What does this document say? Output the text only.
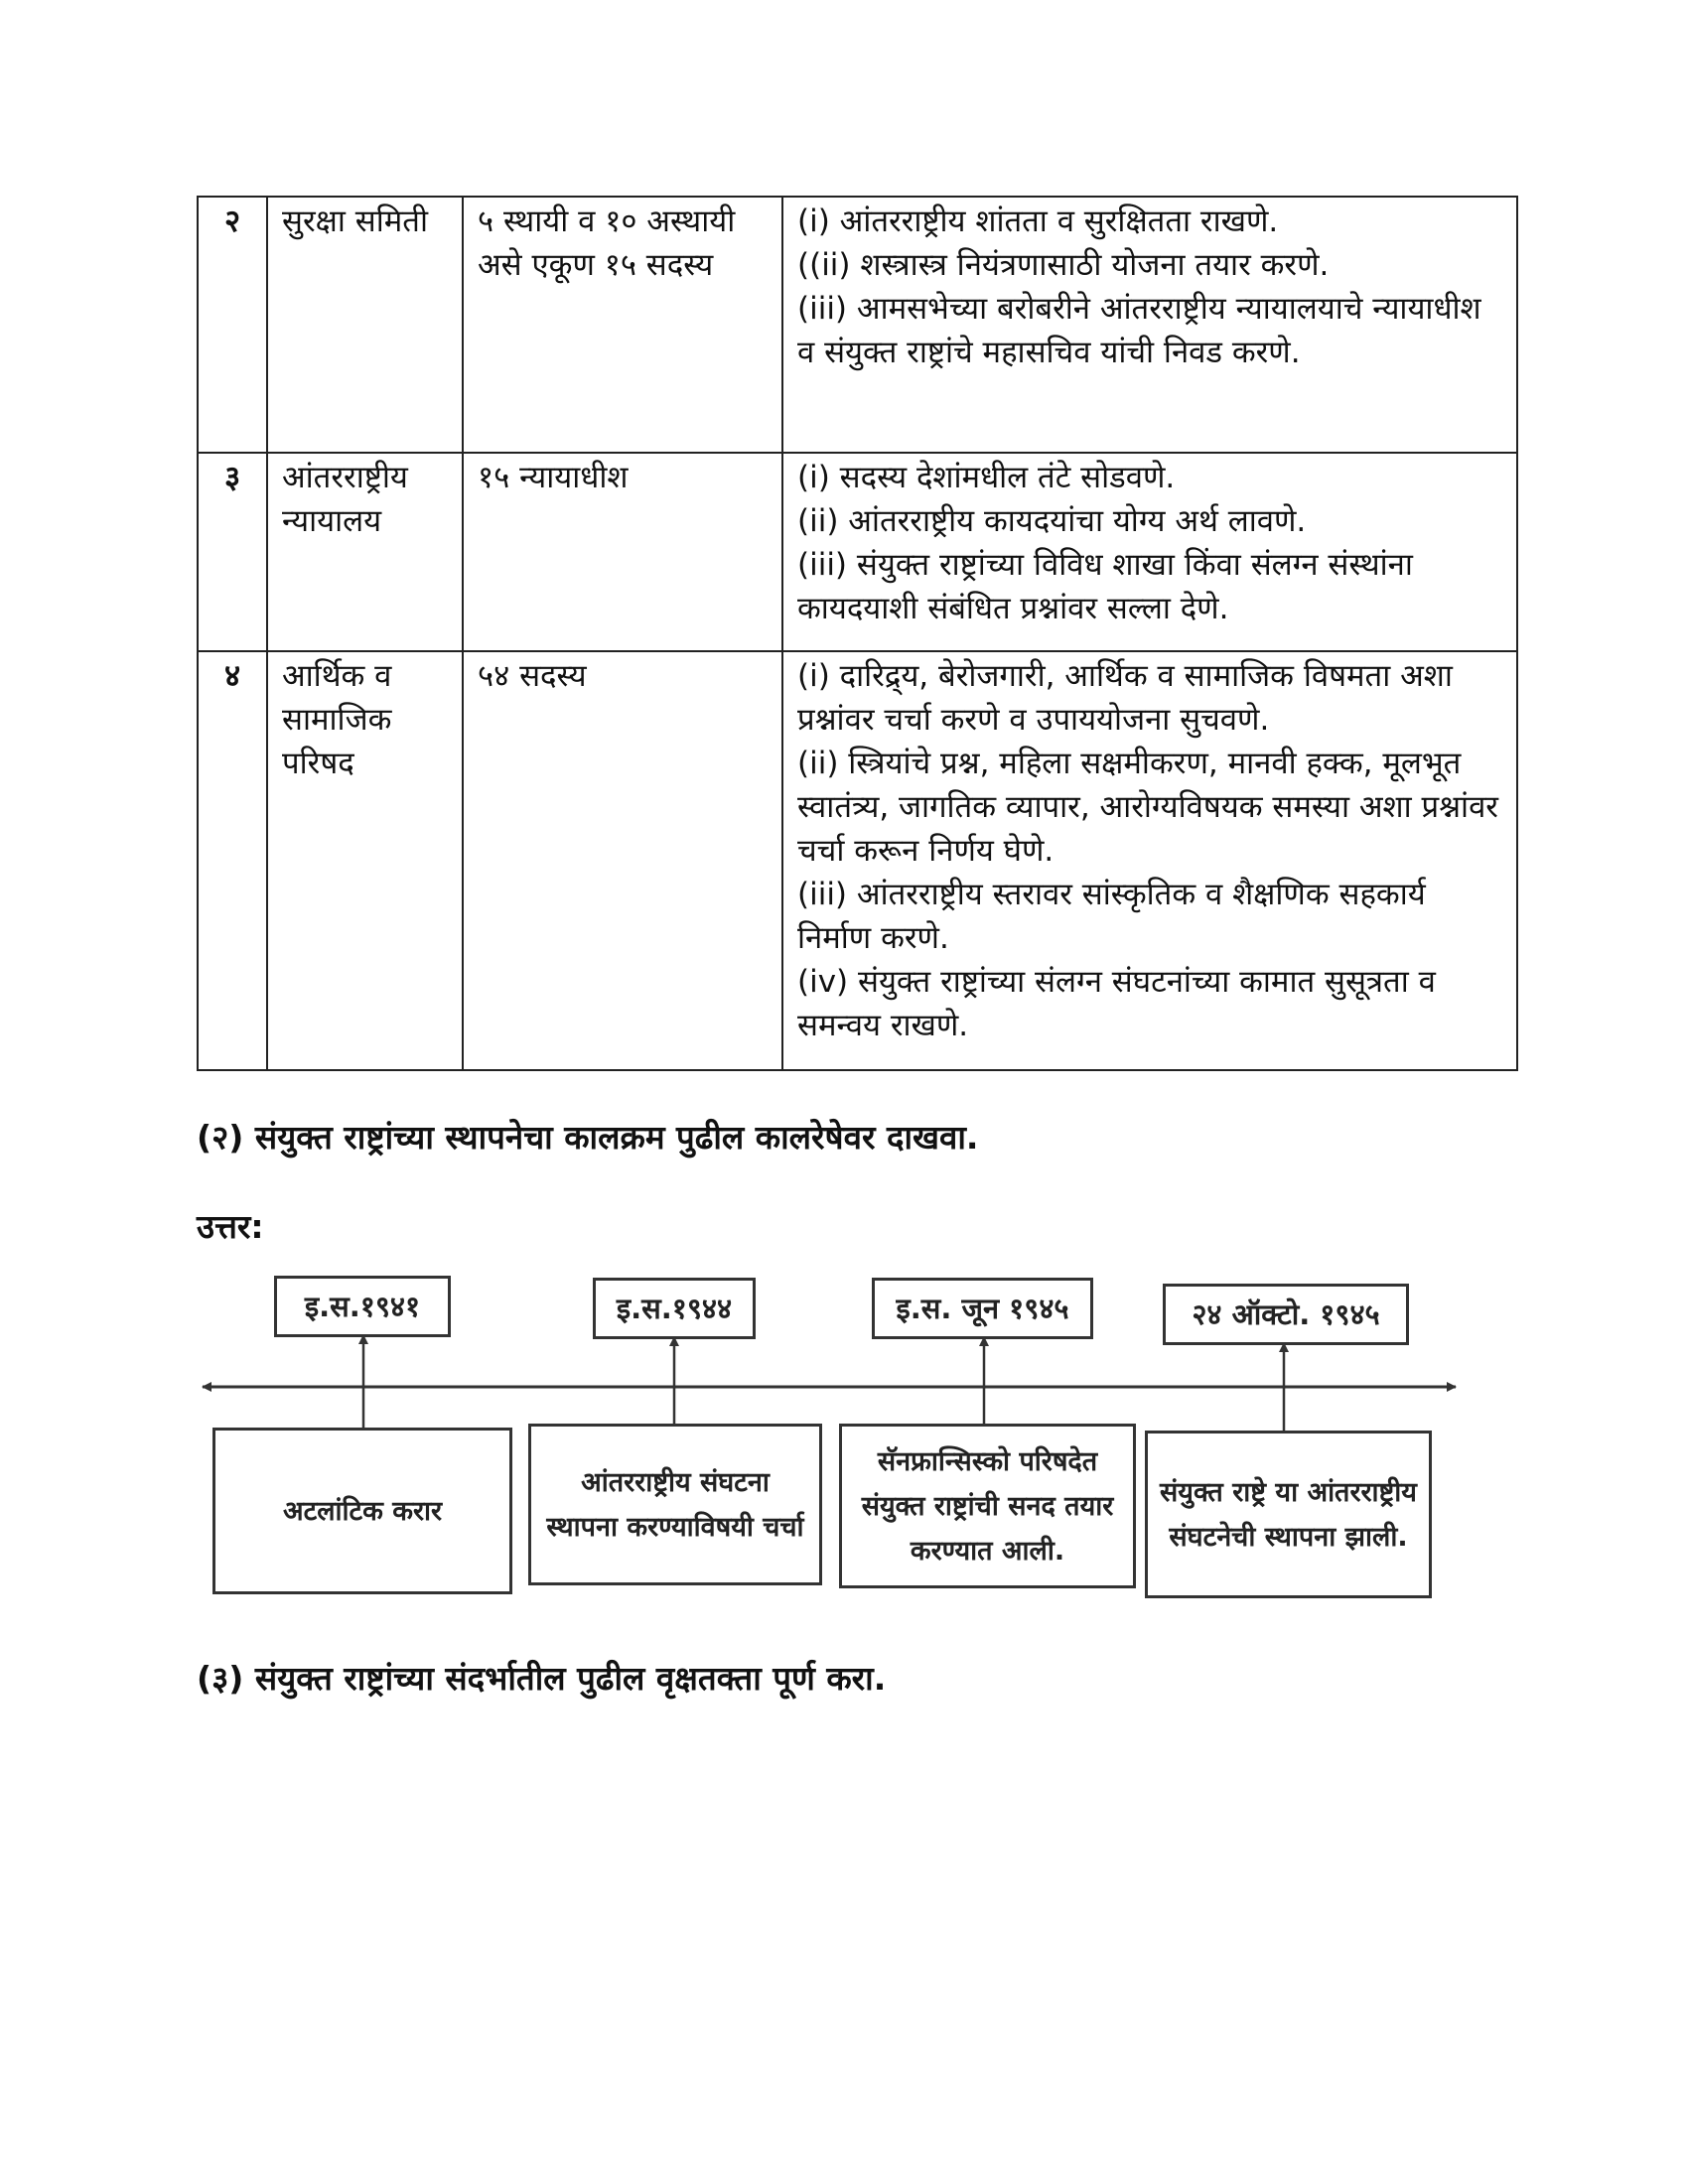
२	सुरक्षा समिती	५ स्थायी व १० अस्थायी असे एकूण १५ सदस्य	(i) आंतरराष्ट्रीय शांतता व सुरक्षितता राखणे.
((ii) शस्त्रास्त्र नियंत्रणासाठी योजना तयार करणे.
(iii) आमसभेच्या बरोबरीने आंतरराष्ट्रीय न्यायालयाचे न्यायाधीश व संयुक्त राष्ट्रांचे महासचिव यांची निवड करणे.

३	आंतरराष्ट्रीय न्यायालय	१५ न्यायाधीश	(i) सदस्य देशांमधील तंटे सोडवणे.
(ii) आंतरराष्ट्रीय कायदयांचा योग्य अर्थ लावणे.
(iii) संयुक्त राष्ट्रांच्या विविध शाखा किंवा संलग्न संस्थांना कायदयाशी संबंधित प्रश्नांवर सल्ला देणे.

४	आर्थिक व सामाजिक परिषद	५४ सदस्य	(i) दारिद्र्य, बेरोजगारी, आर्थिक व सामाजिक विषमता अशा प्रश्नांवर चर्चा करणे व उपाययोजना सुचवणे.
(ii) स्त्रियांचे प्रश्न, महिला सक्षमीकरण, मानवी हक्क, मूलभूत स्वातंत्र्य, जागतिक व्यापार, आरोग्यविषयक समस्या अशा प्रश्नांवर चर्चा करून निर्णय घेणे.
(iii) आंतरराष्ट्रीय स्तरावर सांस्कृतिक व शैक्षणिक सहकार्य निर्माण करणे.
(iv) संयुक्त राष्ट्रांच्या संलग्न संघटनांच्या कामात सुसूत्रता व समन्वय राखणे.

(२) संयुक्त राष्ट्रांच्या स्थापनेचा कालक्रम पुढील कालरेषेवर दाखवा.

उत्तर:

इ.स.१९४१	इ.स.१९४४	इ.स. जून १९४५	२४ ऑक्टो. १९४५
अटलांटिक करार
आंतरराष्ट्रीय संघटना स्थापना करण्याविषयी चर्चा
सॅनफ्रान्सिस्को परिषदेत संयुक्त राष्ट्रांची सनद तयार करण्यात आली.
संयुक्त राष्ट्रे या आंतरराष्ट्रीय संघटनेची स्थापना झाली.

(३) संयुक्त राष्ट्रांच्या संदर्भातील पुढील वृक्षतक्ता पूर्ण करा.
